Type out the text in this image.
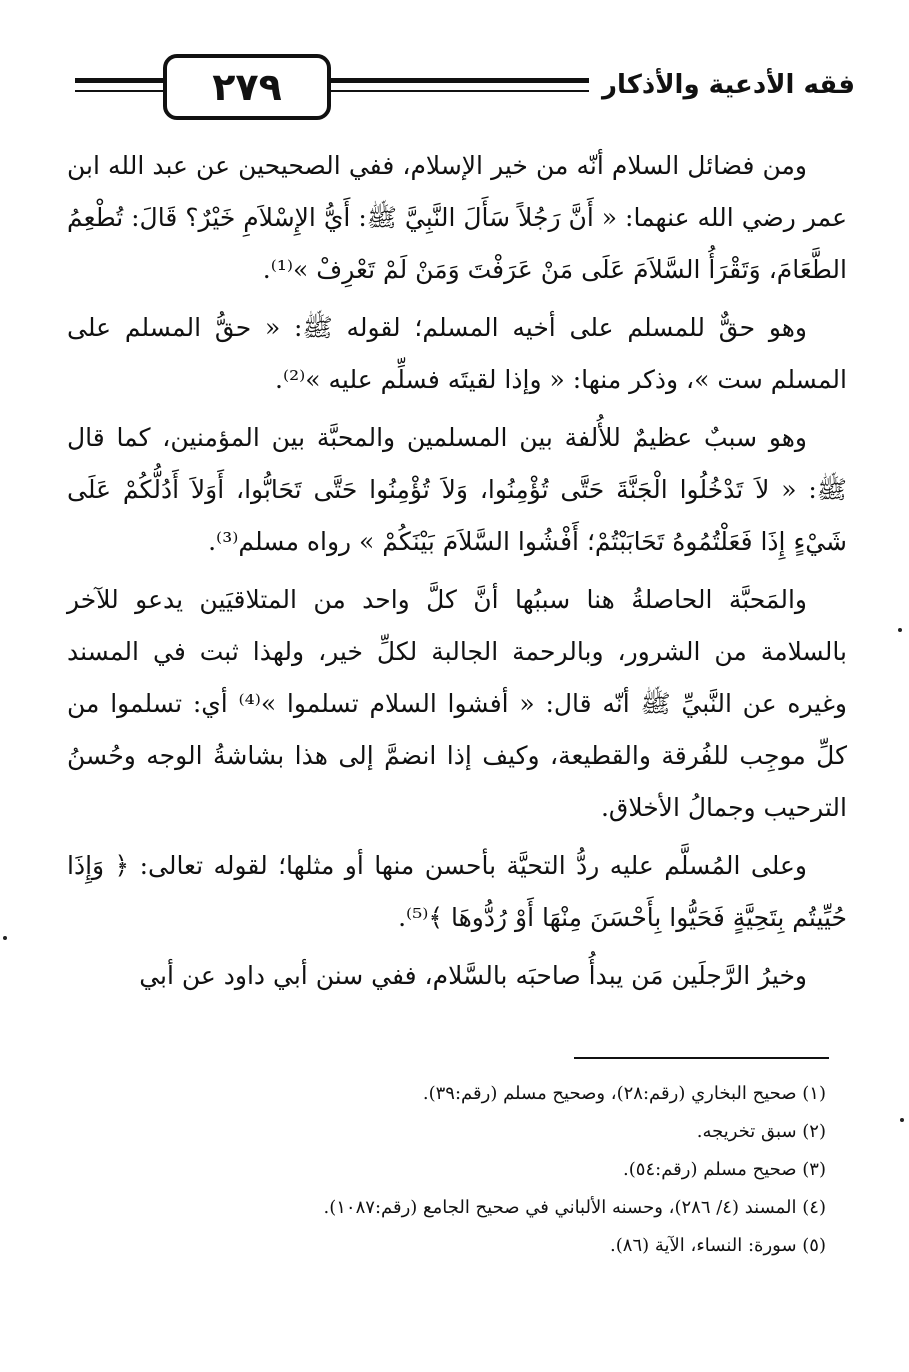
٢٧٩	فقه الأدعية والأذكار

ومن فضائل السلام أنّه من خير الإسلام، ففي الصحيحين عن عبد الله ابن عمر رضي الله عنهما: « أَنَّ رَجُلاً سَأَلَ النَّبِيَّ ﷺ: أَيُّ الإِسْلاَمِ خَيْرٌ؟ قَالَ: تُطْعِمُ الطَّعَامَ، وَتَقْرَأُ السَّلاَمَ عَلَى مَنْ عَرَفْتَ وَمَنْ لَمْ تَعْرِفْ »⁽¹⁾.

وهو حقٌّ للمسلم على أخيه المسلم؛ لقوله ﷺ: « حقُّ المسلم على المسلم ست »، وذكر منها: « وإذا لقيتَه فسلِّم عليه »⁽²⁾.

وهو سببٌ عظيمٌ للأُلفة بين المسلمين والمحبَّة بين المؤمنين، كما قال ﷺ: « لاَ تَدْخُلُوا الْجَنَّةَ حَتَّى تُؤْمِنُوا، وَلاَ تُؤْمِنُوا حَتَّى تَحَابُّوا، أَوَلاَ أَدُلُّكُمْ عَلَى شَيْءٍ إِذَا فَعَلْتُمُوهُ تَحَابَبْتُمْ؛ أَفْشُوا السَّلاَمَ بَيْنَكُمْ » رواه مسلم⁽³⁾.

والمَحبَّة الحاصلةُ هنا سببُها أنَّ كلَّ واحد من المتلاقيَين يدعو للآخر بالسلامة من الشرور، وبالرحمة الجالبة لكلِّ خير، ولهذا ثبت في المسند وغيره عن النَّبيِّ ﷺ أنّه قال: « أفشوا السلام تسلموا »⁽⁴⁾ أي: تسلموا من كلِّ موجِب للفُرقة والقطيعة، وكيف إذا انضمَّ إلى هذا بشاشةُ الوجه وحُسنُ الترحيب وجمالُ الأخلاق.

وعلى المُسلَّم عليه ردُّ التحيَّة بأحسن منها أو مثلها؛ لقوله تعالى: ﴿ وَإِذَا حُيِّيتُم بِتَحِيَّةٍ فَحَيُّوا بِأَحْسَنَ مِنْهَا أَوْ رُدُّوهَا ﴾⁽⁵⁾.

وخيرُ الرَّجلَين مَن يبدأُ صاحبَه بالسَّلام، ففي سنن أبي داود عن أبي

(١) صحيح البخاري (رقم:٢٨)، وصحيح مسلم (رقم:٣٩).

(٢) سبق تخريجه.

(٣) صحيح مسلم (رقم:٥٤).

(٤) المسند (٤/ ٢٨٦)، وحسنه الألباني في صحيح الجامع (رقم:١٠٨٧).

(٥) سورة: النساء، الآية (٨٦).
